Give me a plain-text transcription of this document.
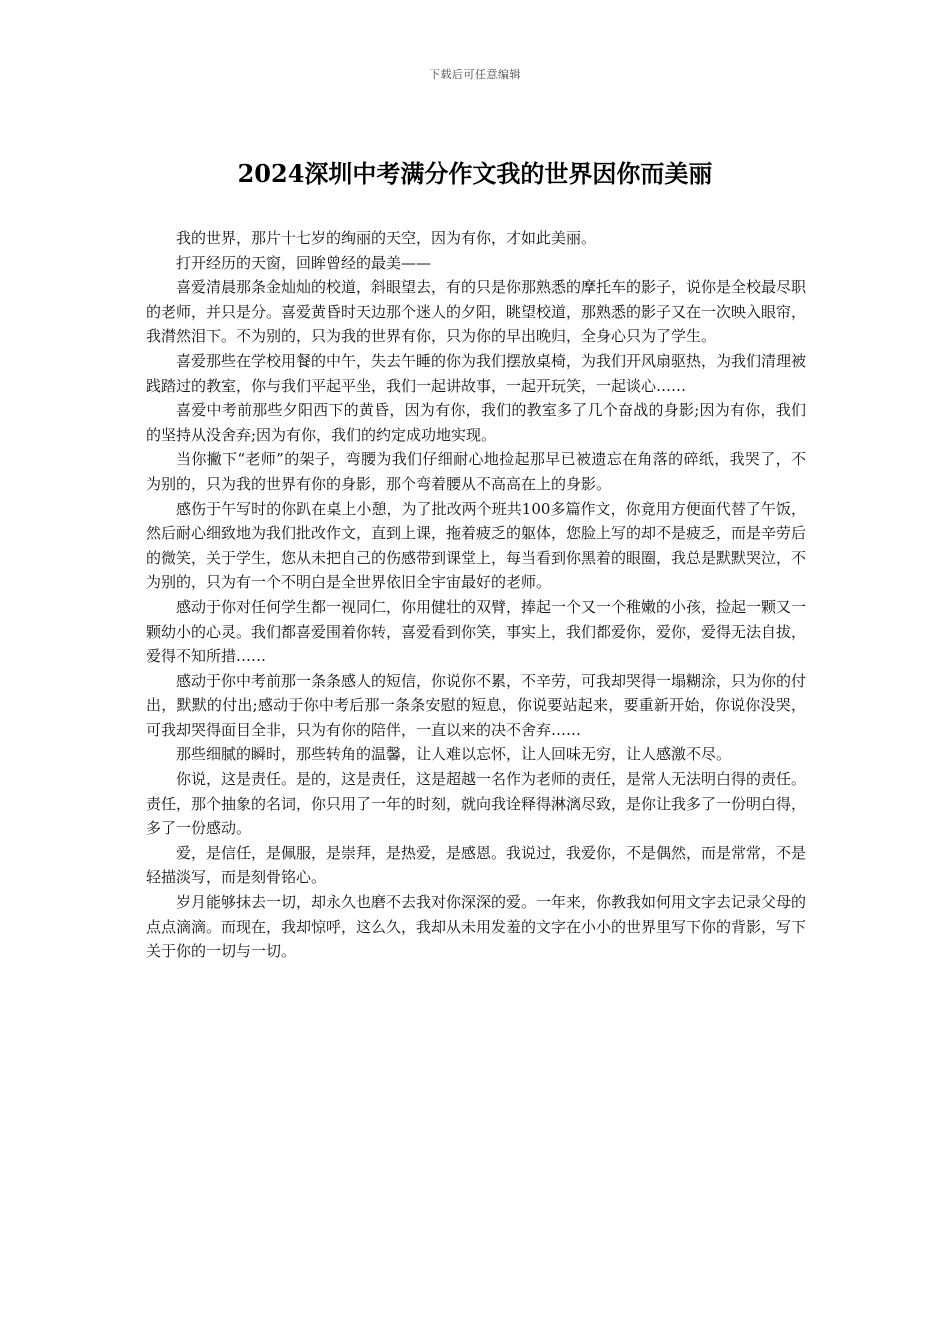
下载后可任意编辑
2024深圳中考满分作文我的世界因你而美丽

我的世界，那片十七岁的绚丽的天空，因为有你，才如此美丽。

打开经历的天窗，回眸曾经的最美——

喜爱清晨那条金灿灿的校道，斜眼望去，有的只是你那熟悉的摩托车的影子，说你是全校最尽职的老师，并只是分。喜爱黄昏时天边那个迷人的夕阳，眺望校道，那熟悉的影子又在一次映入眼帘，我潸然泪下。不为别的，只为我的世界有你，只为你的早出晚归，全身心只为了学生。

喜爱那些在学校用餐的中午，失去午睡的你为我们摆放桌椅，为我们开风扇驱热，为我们清理被践踏过的教室，你与我们平起平坐，我们一起讲故事，一起开玩笑，一起谈心……

喜爱中考前那些夕阳西下的黄昏，因为有你，我们的教室多了几个奋战的身影;因为有你，我们的坚持从没舍弃;因为有你，我们的约定成功地实现。

当你撇下“老师”的架子，弯腰为我们仔细耐心地捡起那早已被遗忘在角落的碎纸，我哭了，不为别的，只为我的世界有你的身影，那个弯着腰从不高高在上的身影。

感伤于午写时的你趴在桌上小憩，为了批改两个班共100多篇作文，你竟用方便面代替了午饭，然后耐心细致地为我们批改作文，直到上课，拖着疲乏的躯体，您脸上写的却不是疲乏，而是辛劳后的微笑，关于学生，您从未把自己的伤感带到课堂上，每当看到你黑着的眼圈，我总是默默哭泣，不为别的，只为有一个不明白是全世界依旧全宇宙最好的老师。

感动于你对任何学生都一视同仁，你用健壮的双臂，捧起一个又一个稚嫩的小孩，捡起一颗又一颗幼小的心灵。我们都喜爱围着你转，喜爱看到你笑，事实上，我们都爱你，爱你，爱得无法自拔，爱得不知所措……

感动于你中考前那一条条感人的短信，你说你不累，不辛劳，可我却哭得一塌糊涂，只为你的付出，默默的付出;感动于你中考后那一条条安慰的短息，你说要站起来，要重新开始，你说你没哭，可我却哭得面目全非，只为有你的陪伴，一直以来的决不舍弃……

那些细腻的瞬时，那些转角的温馨，让人难以忘怀，让人回味无穷，让人感激不尽。

你说，这是责任。是的，这是责任，这是超越一名作为老师的责任，是常人无法明白得的责任。责任，那个抽象的名词，你只用了一年的时刻，就向我诠释得淋漓尽致，是你让我多了一份明白得，多了一份感动。

爱，是信任，是佩服，是崇拜，是热爱，是感恩。我说过，我爱你，不是偶然，而是常常，不是轻描淡写，而是刻骨铭心。

岁月能够抹去一切，却永久也磨不去我对你深深的爱。一年来，你教我如何用文字去记录父母的点点滴滴。而现在，我却惊呼，这么久，我却从未用发羞的文字在小小的世界里写下你的背影，写下关于你的一切与一切。
